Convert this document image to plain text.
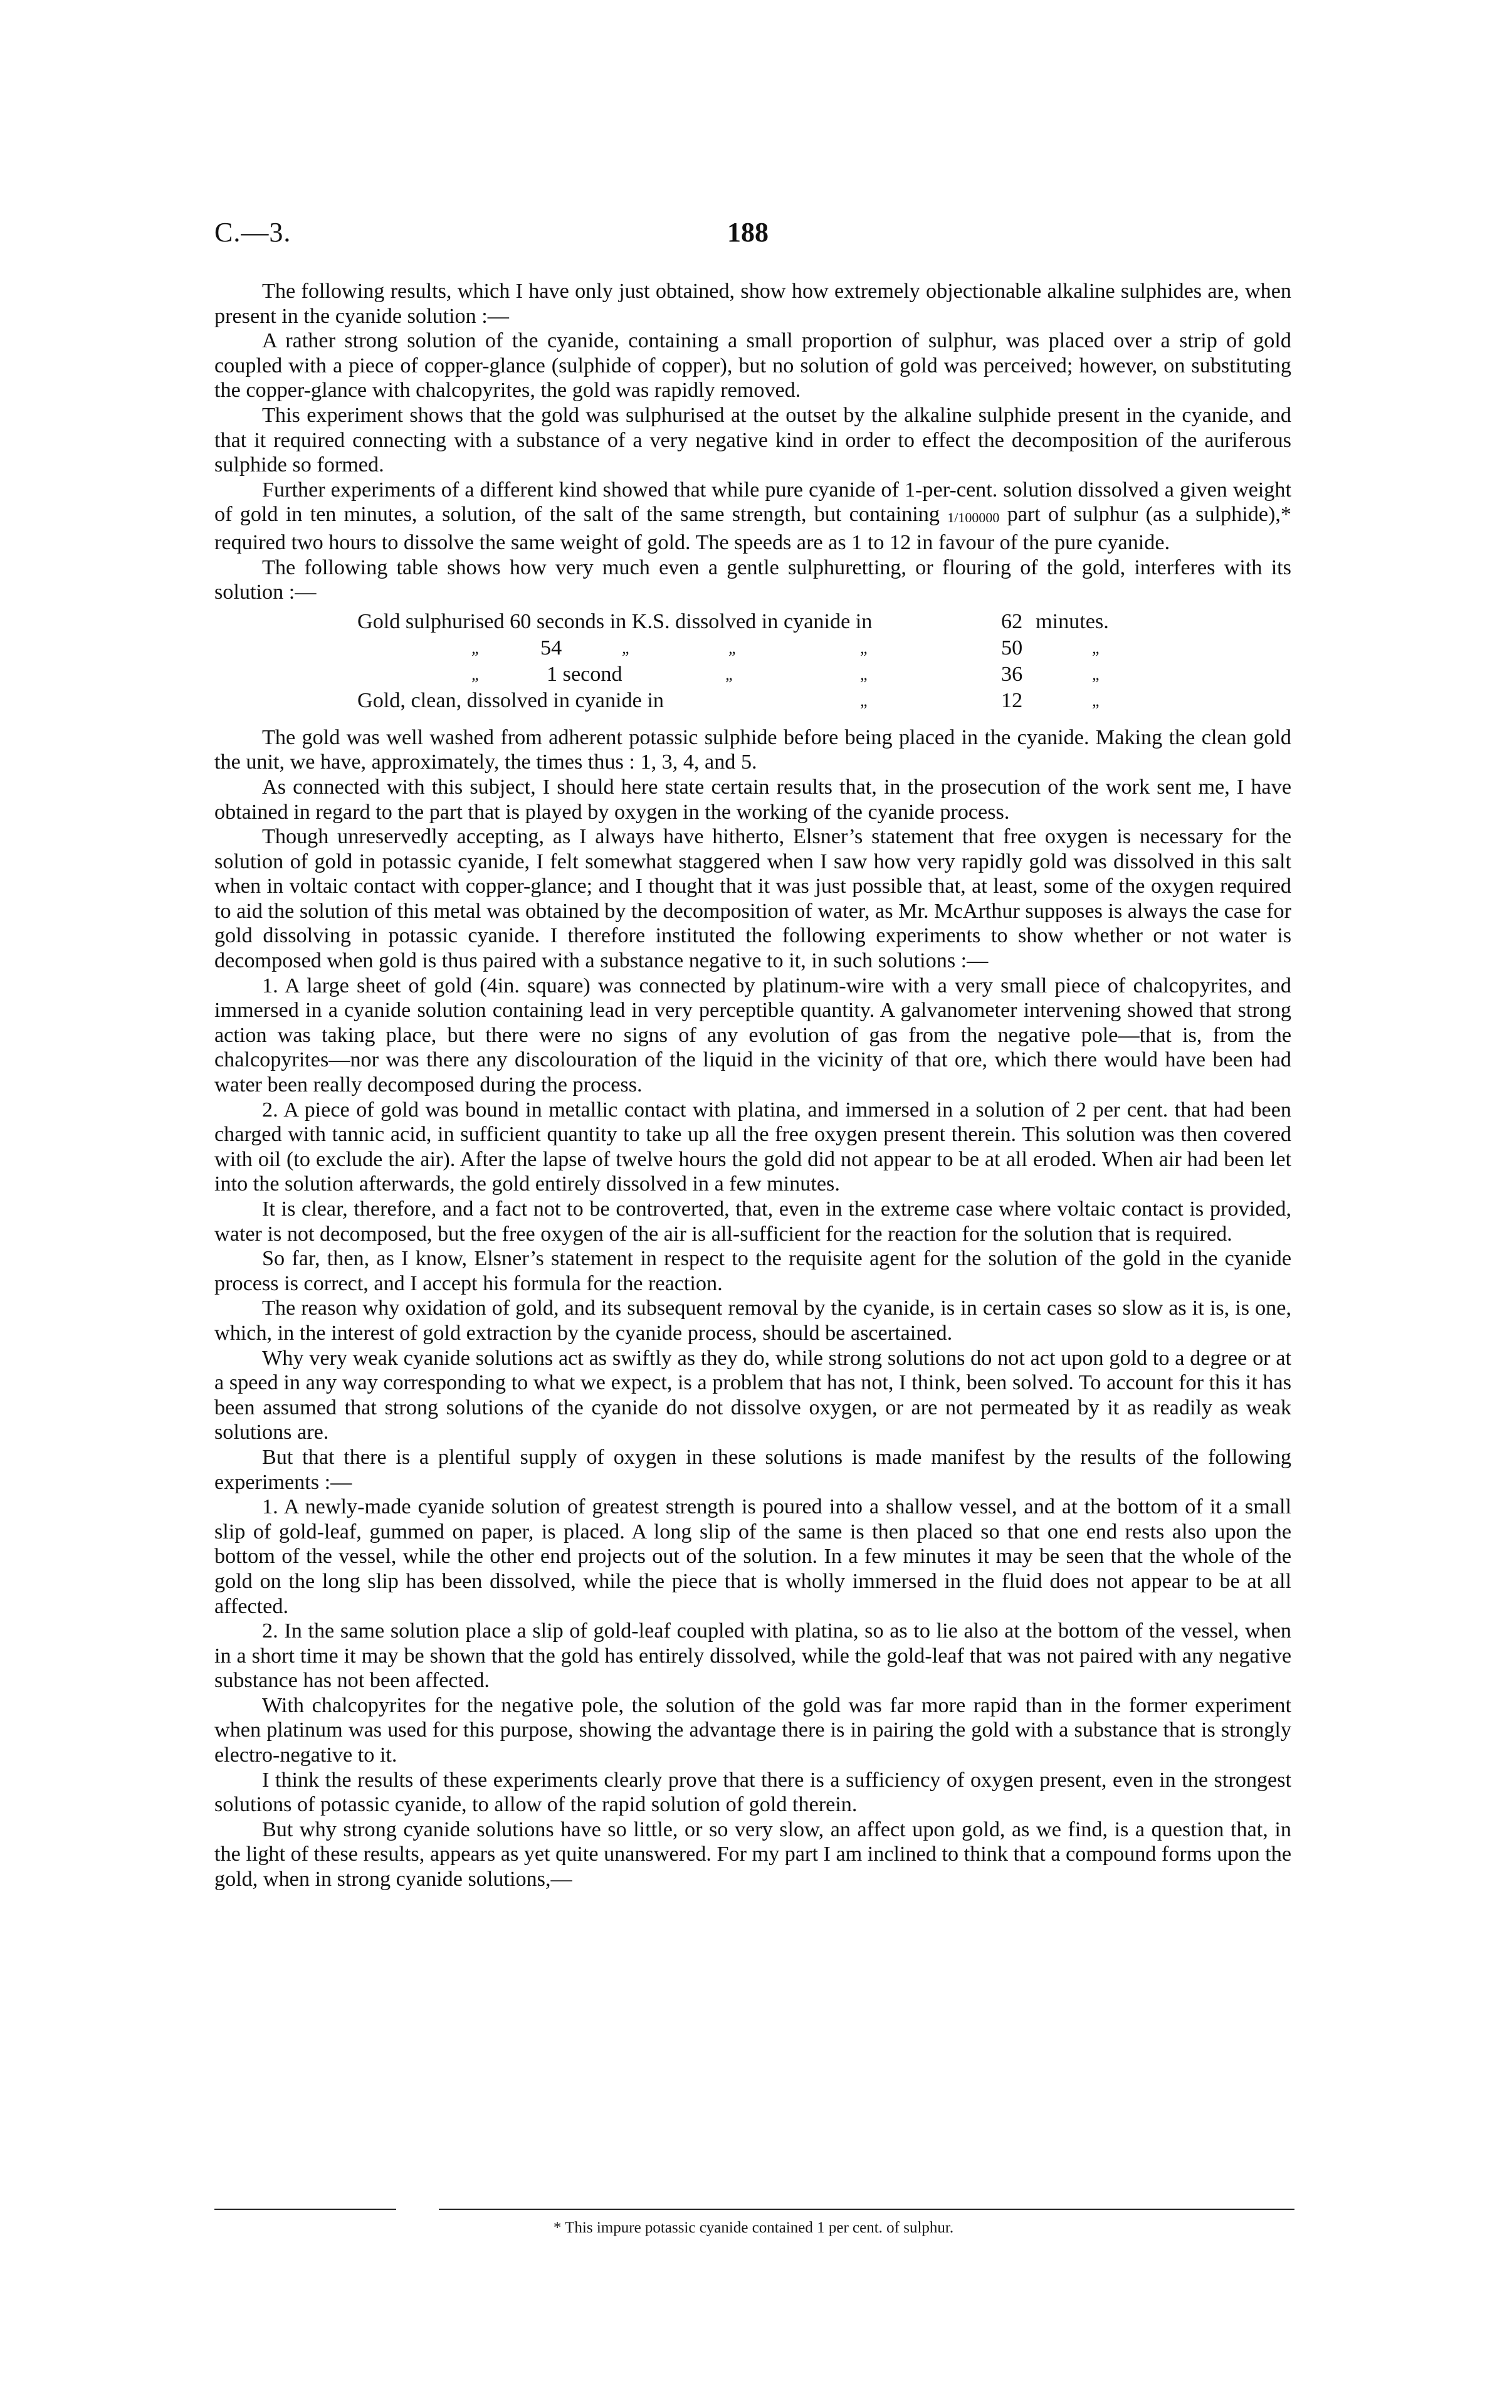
C.—3.	188

The following results, which I have only just obtained, show how extremely objectionable alkaline sulphides are, when present in the cyanide solution :—

A rather strong solution of the cyanide, containing a small proportion of sulphur, was placed over a strip of gold coupled with a piece of copper-glance (sulphide of copper), but no solution of gold was perceived; however, on substituting the copper-glance with chalcopyrites, the gold was rapidly removed.

This experiment shows that the gold was sulphurised at the outset by the alkaline sulphide present in the cyanide, and that it required connecting with a substance of a very negative kind in order to effect the decomposition of the auriferous sulphide so formed.

Further experiments of a different kind showed that while pure cyanide of 1-per-cent. solution dissolved a given weight of gold in ten minutes, a solution, of the salt of the same strength, but containing $_{1/100000}$ part of sulphur (as a sulphide),* required two hours to dissolve the same weight of gold. The speeds are as 1 to 12 in favour of the pure cyanide.

The following table shows how very much even a gentle sulphuretting, or flouring of the gold, interferes with its solution :—

Gold sulphurised 60 seconds in K.S. dissolved in cyanide in	62 minutes.
„	54	„	„	„	50	„
„	1 second	„	„	36	„
Gold, clean, dissolved in cyanide in	„	12	„

The gold was well washed from adherent potassic sulphide before being placed in the cyanide. Making the clean gold the unit, we have, approximately, the times thus : 1, 3, 4, and 5.

As connected with this subject, I should here state certain results that, in the prosecution of the work sent me, I have obtained in regard to the part that is played by oxygen in the working of the cyanide process.

Though unreservedly accepting, as I always have hitherto, Elsner’s statement that free oxygen is necessary for the solution of gold in potassic cyanide, I felt somewhat staggered when I saw how very rapidly gold was dissolved in this salt when in voltaic contact with copper-glance; and I thought that it was just possible that, at least, some of the oxygen required to aid the solution of this metal was obtained by the decomposition of water, as Mr. McArthur supposes is always the case for gold dissolving in potassic cyanide. I therefore instituted the following experiments to show whether or not water is decomposed when gold is thus paired with a substance negative to it, in such solutions :—

1. A large sheet of gold (4in. square) was connected by platinum-wire with a very small piece of chalcopyrites, and immersed in a cyanide solution containing lead in very perceptible quantity. A galvanometer intervening showed that strong action was taking place, but there were no signs of any evolution of gas from the negative pole—that is, from the chalcopyrites—nor was there any discolouration of the liquid in the vicinity of that ore, which there would have been had water been really decomposed during the process.

2. A piece of gold was bound in metallic contact with platina, and immersed in a solution of 2 per cent. that had been charged with tannic acid, in sufficient quantity to take up all the free oxygen present therein. This solution was then covered with oil (to exclude the air). After the lapse of twelve hours the gold did not appear to be at all eroded. When air had been let into the solution afterwards, the gold entirely dissolved in a few minutes.

It is clear, therefore, and a fact not to be controverted, that, even in the extreme case where voltaic contact is provided, water is not decomposed, but the free oxygen of the air is all-sufficient for the reaction for the solution that is required.

So far, then, as I know, Elsner’s statement in respect to the requisite agent for the solution of the gold in the cyanide process is correct, and I accept his formula for the reaction.

The reason why oxidation of gold, and its subsequent removal by the cyanide, is in certain cases so slow as it is, is one, which, in the interest of gold extraction by the cyanide process, should be ascertained.

Why very weak cyanide solutions act as swiftly as they do, while strong solutions do not act upon gold to a degree or at a speed in any way corresponding to what we expect, is a problem that has not, I think, been solved. To account for this it has been assumed that strong solutions of the cyanide do not dissolve oxygen, or are not permeated by it as readily as weak solutions are.

But that there is a plentiful supply of oxygen in these solutions is made manifest by the results of the following experiments :—

1. A newly-made cyanide solution of greatest strength is poured into a shallow vessel, and at the bottom of it a small slip of gold-leaf, gummed on paper, is placed. A long slip of the same is then placed so that one end rests also upon the bottom of the vessel, while the other end projects out of the solution. In a few minutes it may be seen that the whole of the gold on the long slip has been dissolved, while the piece that is wholly immersed in the fluid does not appear to be at all affected.

2. In the same solution place a slip of gold-leaf coupled with platina, so as to lie also at the bottom of the vessel, when in a short time it may be shown that the gold has entirely dissolved, while the gold-leaf that was not paired with any negative substance has not been affected.

With chalcopyrites for the negative pole, the solution of the gold was far more rapid than in the former experiment when platinum was used for this purpose, showing the advantage there is in pairing the gold with a substance that is strongly electro-negative to it.

I think the results of these experiments clearly prove that there is a sufficiency of oxygen present, even in the strongest solutions of potassic cyanide, to allow of the rapid solution of gold therein.

But why strong cyanide solutions have so little, or so very slow, an affect upon gold, as we find, is a question that, in the light of these results, appears as yet quite unanswered. For my part I am inclined to think that a compound forms upon the gold, when in strong cyanide solutions,—

* This impure potassic cyanide contained 1 per cent. of sulphur.
